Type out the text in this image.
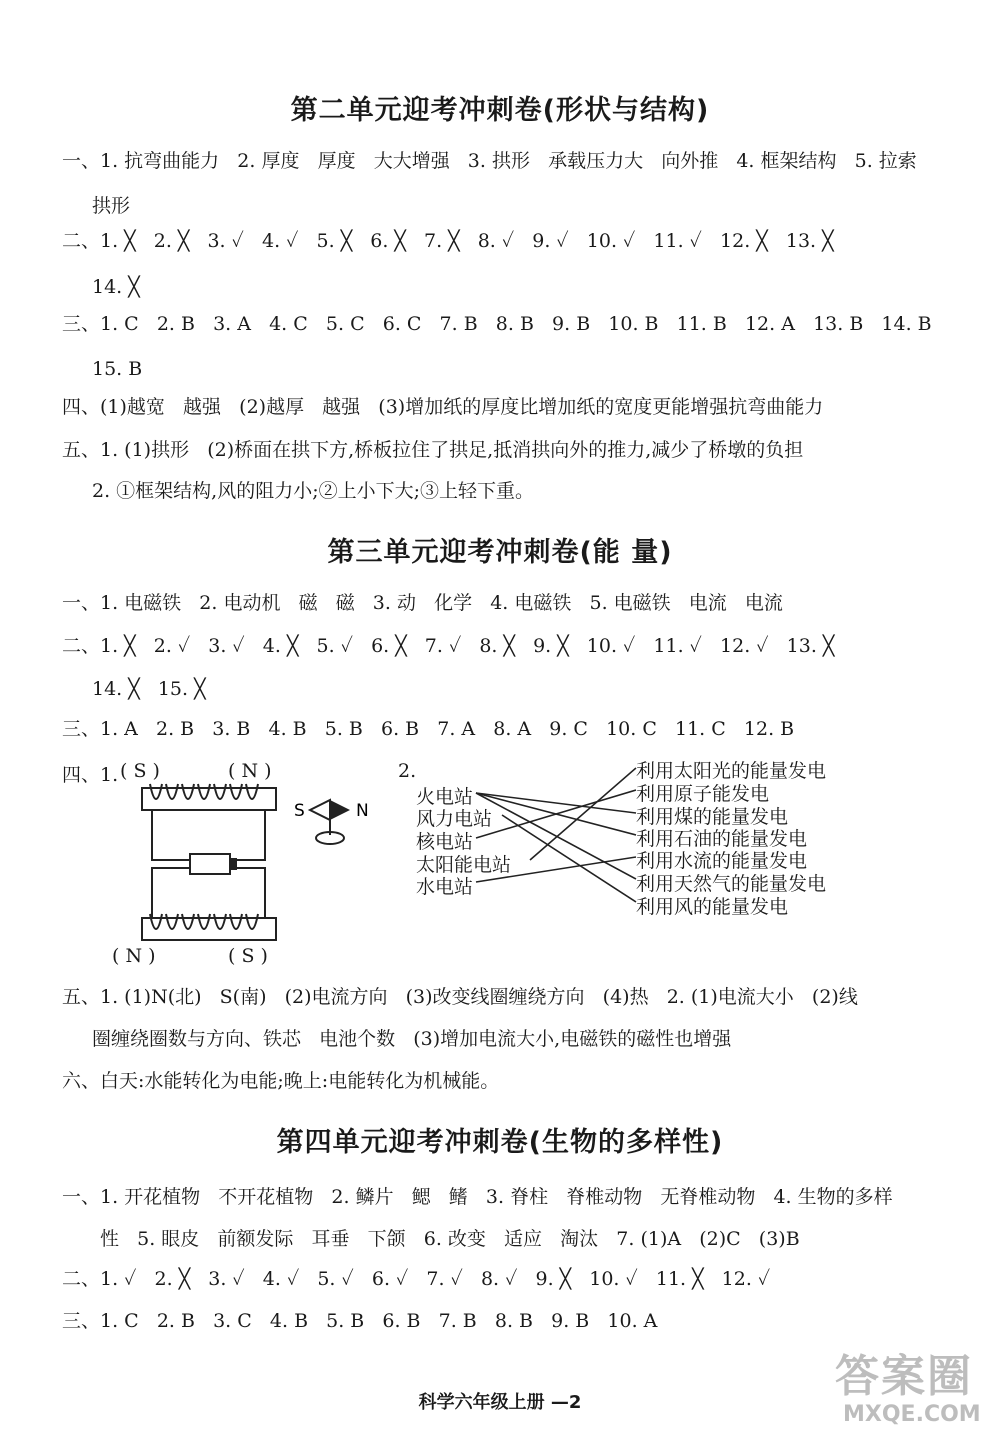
第二单元迎考冲刺卷(形状与结构)
一、1. 抗弯曲能力   2. 厚度   厚度   大大增强   3. 拱形   承载压力大   向外推   4. 框架结构   5. 拉索
拱形
二、1. ╳   2. ╳   3. ✓   4. ✓   5. ╳   6. ╳   7. ╳   8. ✓   9. ✓   10. ✓   11. ✓   12. ╳   13. ╳
14. ╳
三、1. C   2. B   3. A   4. C   5. C   6. C   7. B   8. B   9. B   10. B   11. B   12. A   13. B   14. B
15. B
四、(1)越宽   越强   (2)越厚   越强   (3)增加纸的厚度比增加纸的宽度更能增强抗弯曲能力
五、1. (1)拱形   (2)桥面在拱下方,桥板拉住了拱足,抵消拱向外的推力,减少了桥墩的负担
2. ①框架结构,风的阻力小;②上小下大;③上轻下重。
第三单元迎考冲刺卷(能 量)
一、1. 电磁铁   2. 电动机   磁   磁   3. 动   化学   4. 电磁铁   5. 电磁铁   电流   电流
二、1. ╳   2. ✓   3. ✓   4. ╳   5. ✓   6. ╳   7. ✓   8. ╳   9. ╳   10. ✓   11. ✓   12. ✓   13. ╳
14. ╳   15. ╳
三、1. A   2. B   3. B   4. B   5. B   6. B   7. A   8. A   9. C   10. C   11. C   12. B
四、1. ( S )	( N )
( N )	( S )
S	N
2.
火电站
风力电站
核电站
太阳能电站
水电站
利用太阳光的能量发电
利用原子能发电
利用煤的能量发电
利用石油的能量发电
利用水流的能量发电
利用天然气的能量发电
利用风的能量发电
五、1. (1)N(北)   S(南)   (2)电流方向   (3)改变线圈缠绕方向   (4)热   2. (1)电流大小   (2)线
圈缠绕圈数与方向、铁芯   电池个数   (3)增加电流大小,电磁铁的磁性也增强
六、白天:水能转化为电能;晚上:电能转化为机械能。
第四单元迎考冲刺卷(生物的多样性)
一、1. 开花植物   不开花植物   2. 鳞片   鳃   鳍   3. 脊柱   脊椎动物   无脊椎动物   4. 生物的多样
性   5. 眼皮   前额发际   耳垂   下颌   6. 改变   适应   淘汰   7. (1)A   (2)C   (3)B
二、1. ✓   2. ╳   3. ✓   4. ✓   5. ✓   6. ✓   7. ✓   8. ✓   9. ╳   10. ✓   11. ╳   12. ✓
三、1. C   2. B   3. C   4. B   5. B   6. B   7. B   8. B   9. B   10. A
科学六年级上册 —2
答案圈
MXQE.COM
